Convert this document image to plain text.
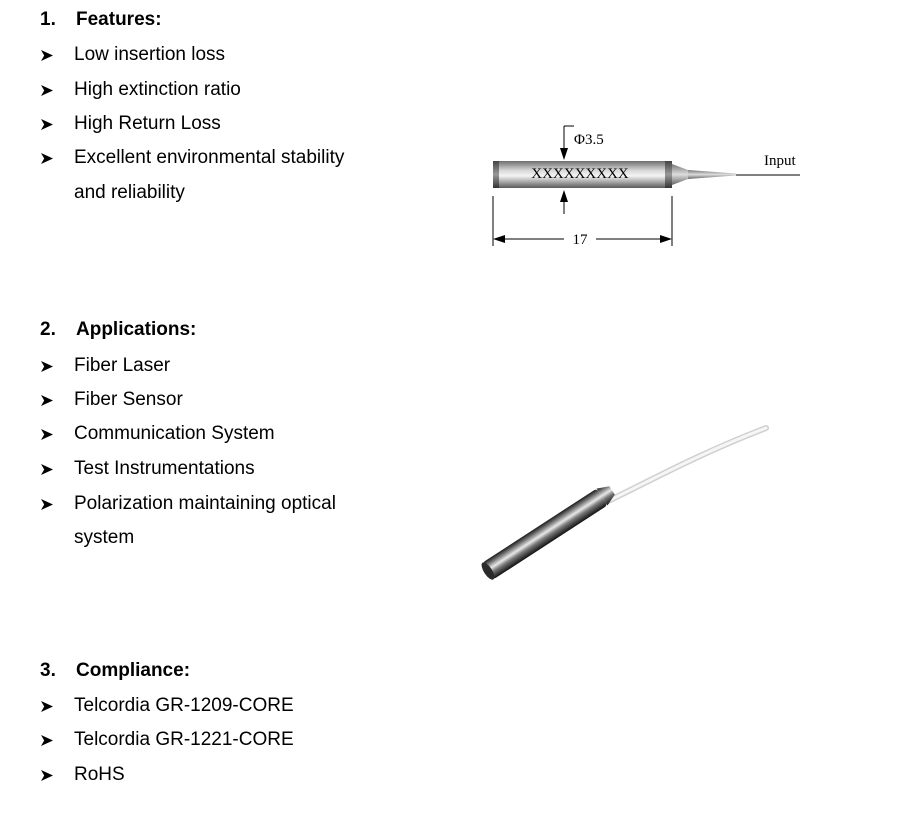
1. Features:
Low insertion loss
High extinction ratio
High Return Loss
Excellent environmental stability
and reliability
2. Applications:
Fiber Laser
Fiber Sensor
Communication System
Test Instrumentations
Polarization maintaining optical
system
3. Compliance:
Telcordia GR-1209-CORE
Telcordia GR-1221-CORE
RoHS
Φ3.5
XXXXXXXXX
Input
17
